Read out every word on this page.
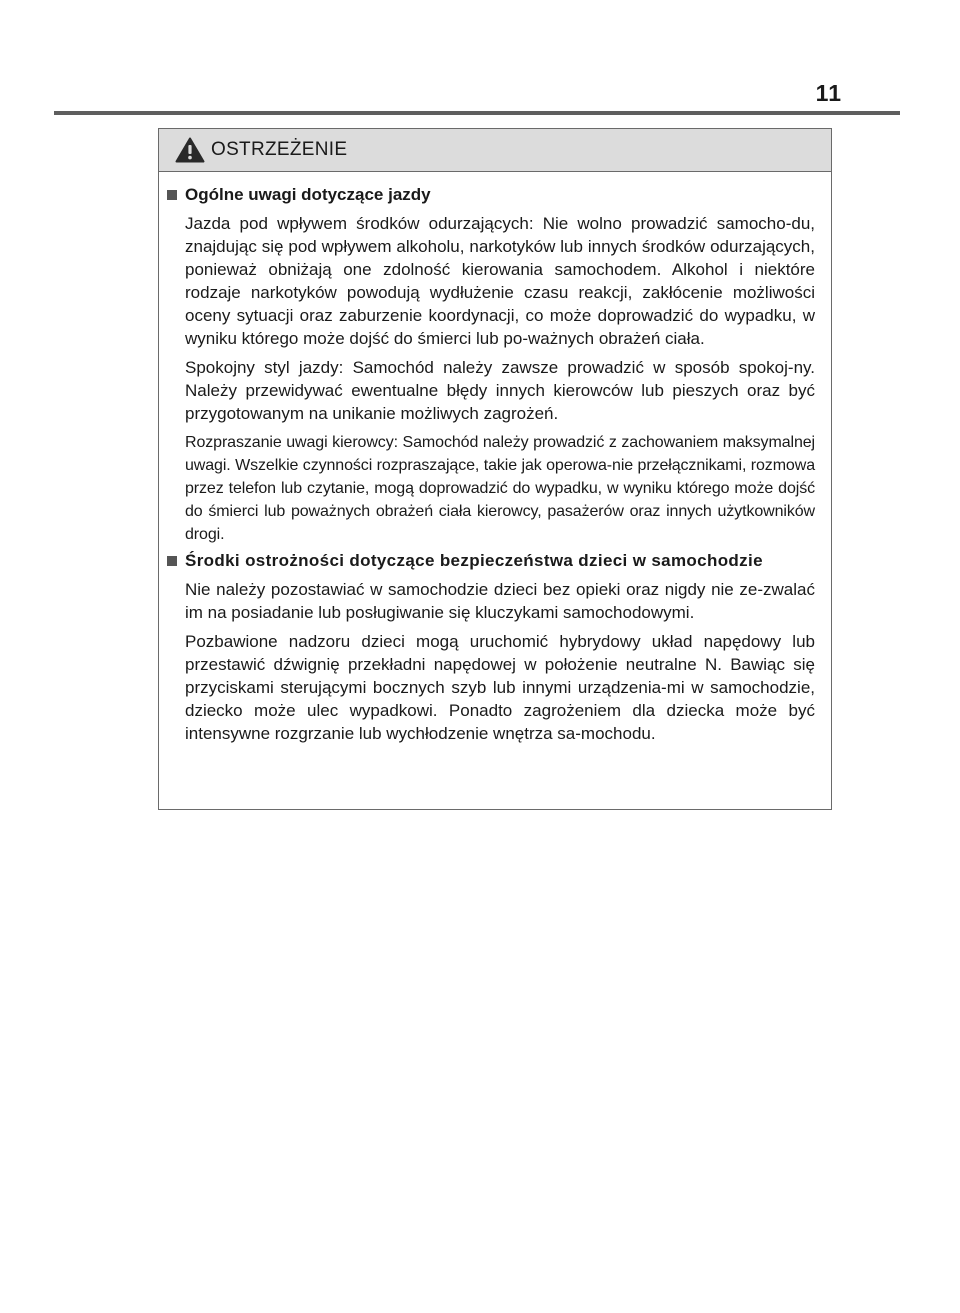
11
OSTRZEŻENIE
Ogólne uwagi dotyczące jazdy

Jazda pod wpływem środków odurzających: Nie wolno prowadzić samocho-du, znajdując się pod wpływem alkoholu, narkotyków lub innych środków odurzających, ponieważ obniżają one zdolność kierowania samochodem. Alkohol i niektóre rodzaje narkotyków powodują wydłużenie czasu reakcji, zakłócenie możliwości oceny sytuacji oraz zaburzenie koordynacji, co może doprowadzić do wypadku, w wyniku którego może dojść do śmierci lub po-ważnych obrażeń ciała.

Spokojny styl jazdy: Samochód należy zawsze prowadzić w sposób spokoj-ny. Należy przewidywać ewentualne błędy innych kierowców lub pieszych oraz być przygotowanym na unikanie możliwych zagrożeń.

Rozpraszanie uwagi kierowcy: Samochód należy prowadzić z zachowaniem maksymalnej uwagi. Wszelkie czynności rozpraszające, takie jak operowa-nie przełącznikami, rozmowa przez telefon lub czytanie, mogą doprowadzić do wypadku, w wyniku którego może dojść do śmierci lub poważnych obrażeń ciała kierowcy, pasażerów oraz innych użytkowników drogi.

Środki ostrożności dotyczące bezpieczeństwa dzieci w samochodzie

Nie należy pozostawiać w samochodzie dzieci bez opieki oraz nigdy nie ze-zwalać im na posiadanie lub posługiwanie się kluczykami samochodowymi.

Pozbawione nadzoru dzieci mogą uruchomić hybrydowy układ napędowy lub przestawić dźwignię przekładni napędowej w położenie neutralne N. Bawiąc się przyciskami sterującymi bocznych szyb lub innymi urządzenia-mi w samochodzie, dziecko może ulec wypadkowi. Ponadto zagrożeniem dla dziecka może być intensywne rozgrzanie lub wychłodzenie wnętrza sa-mochodu.
